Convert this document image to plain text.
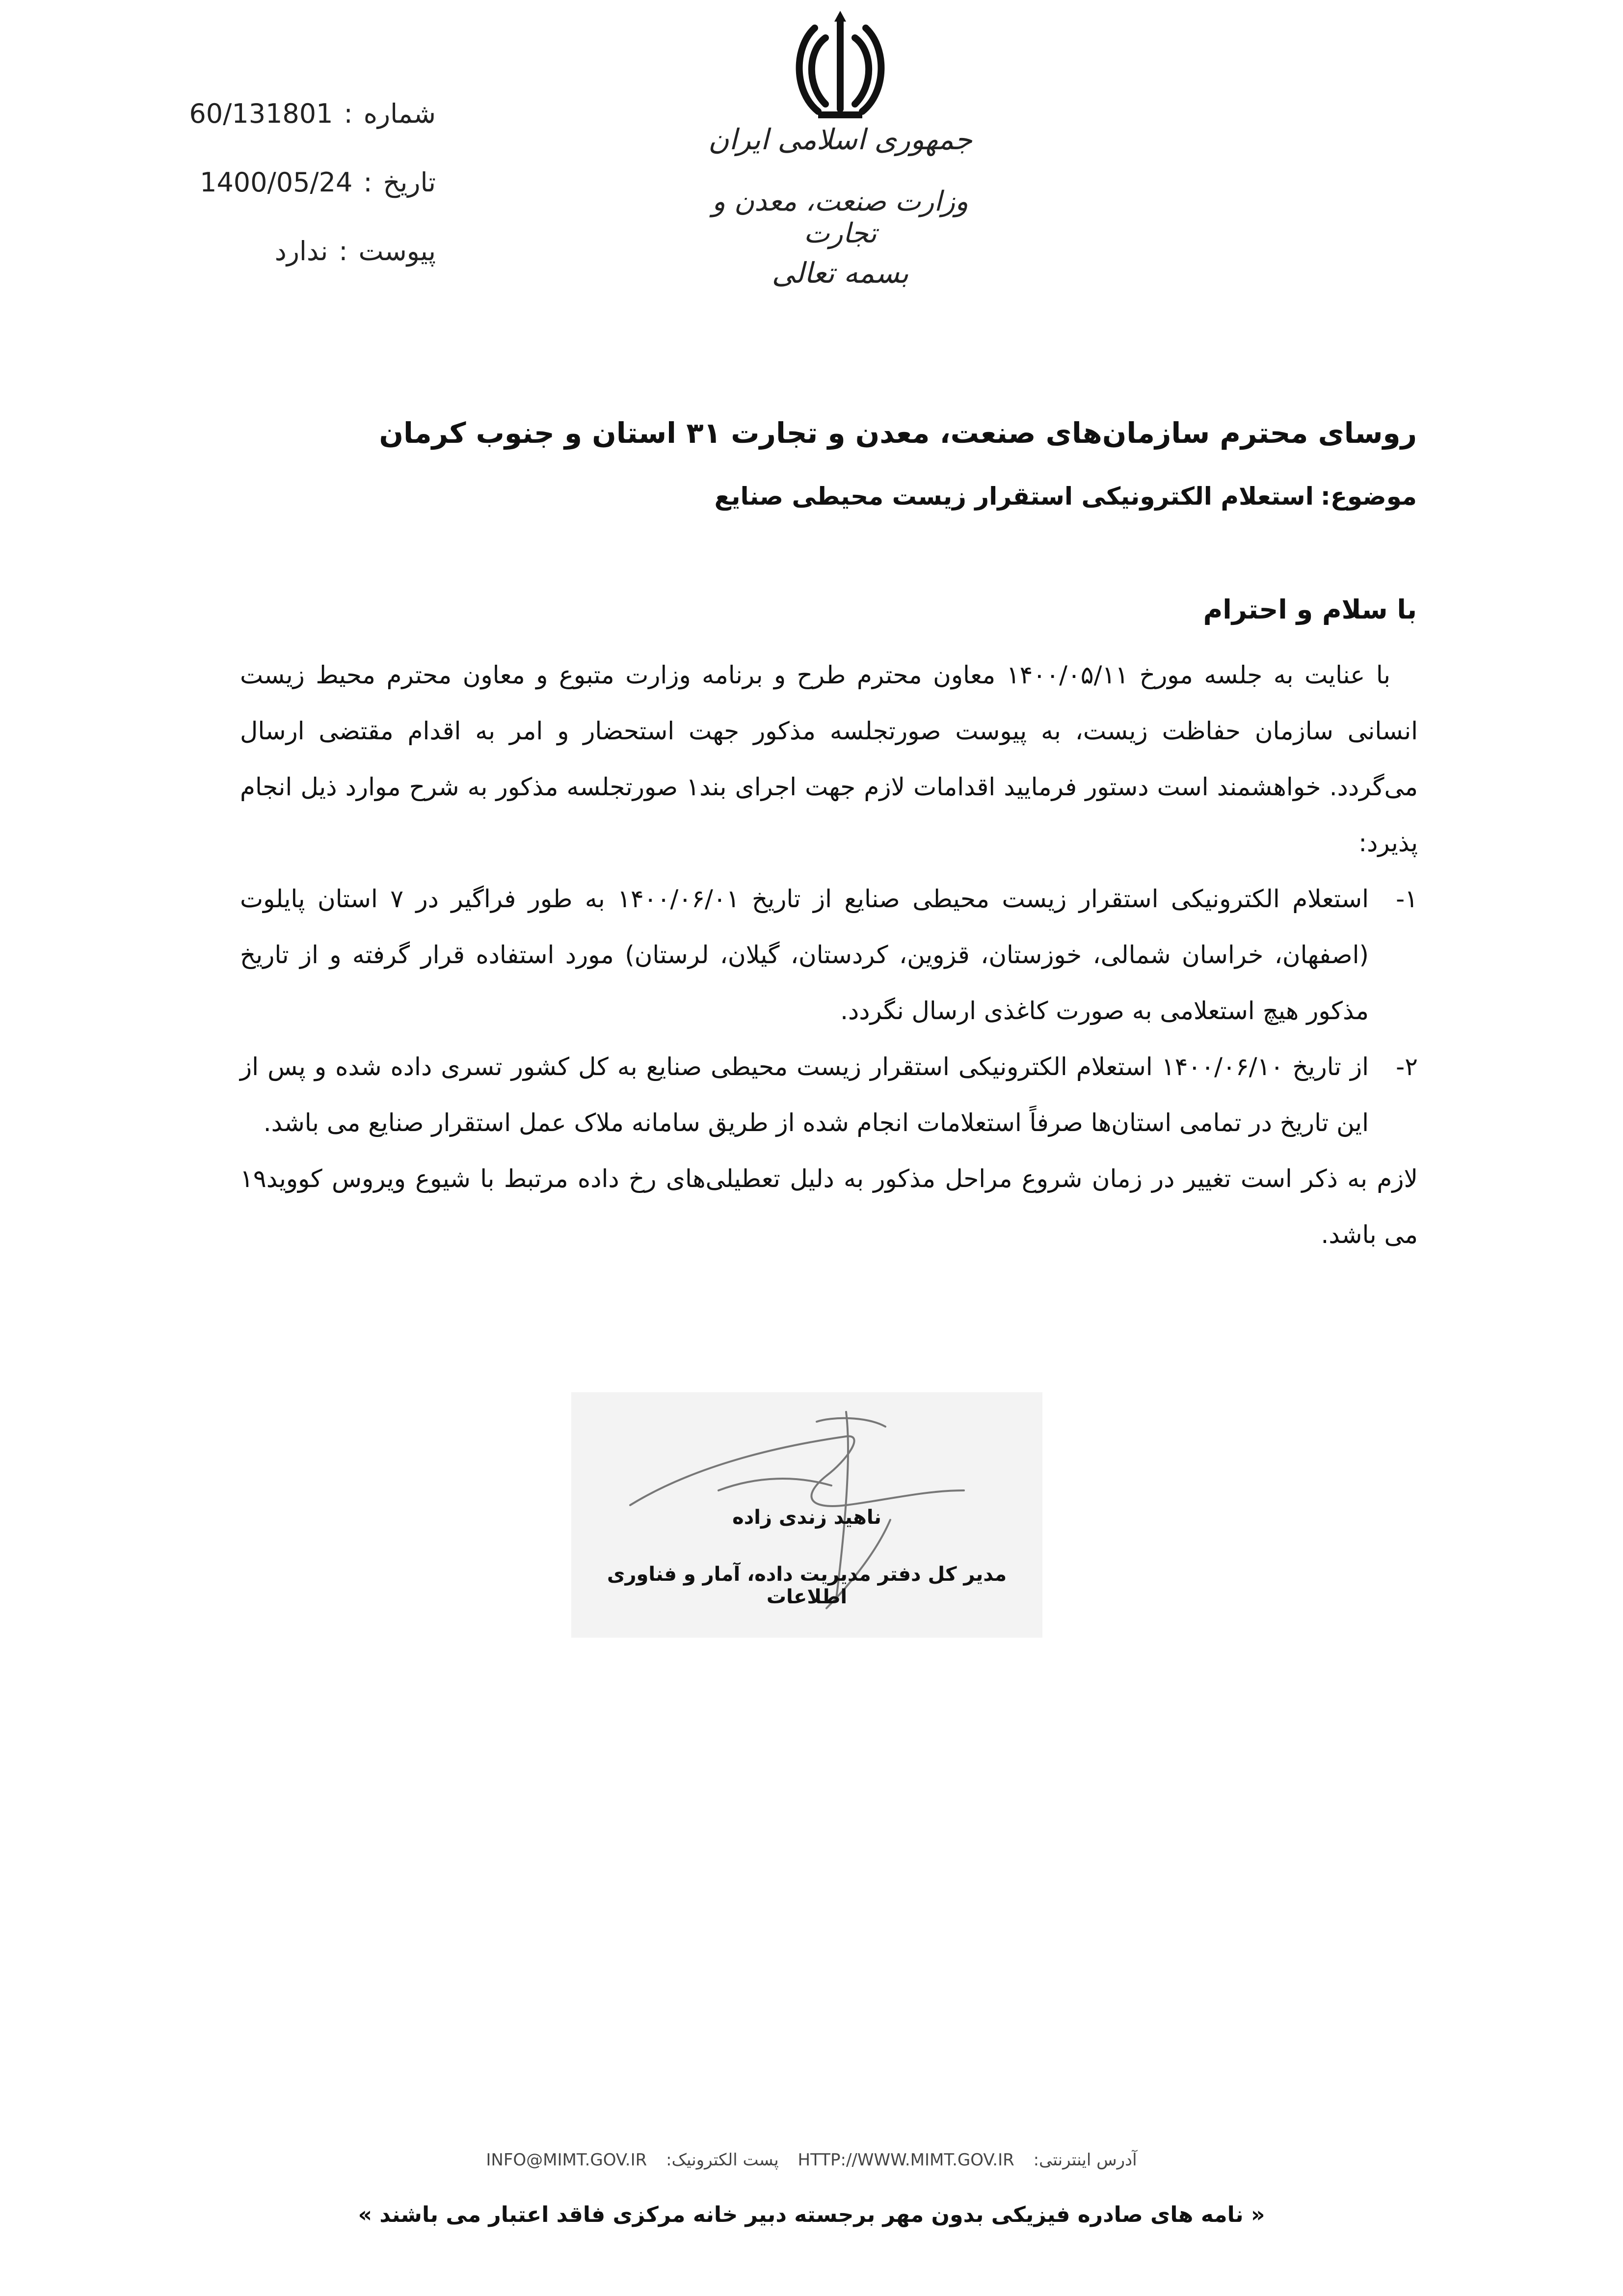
جمهوری اسلامی ایران
وزارت صنعت، معدن و تجارت
بسمه تعالی
شماره:60/131801
تاریخ:1400/05/24
پیوست:ندارد
روسای محترم سازمان‌های صنعت، معدن و تجارت ۳۱ استان و جنوب کرمان
موضوع:استعلام الکترونیکی استقرار زیست محیطی صنایع
با سلام و احترام

با عنایت به جلسه مورخ ۱۴۰۰/۰۵/۱۱ معاون محترم طرح و برنامه وزارت متبوع و معاون محترم محیط زیست انسانی سازمان حفاظت زیست، به پیوست صورتجلسه مذکور جهت استحضار و امر به اقدام مقتضی ارسال می‌گردد. خواهشمند است دستور فرمایید اقدامات لازم جهت اجرای بند۱ صورتجلسه مذکور به شرح موارد ذیل انجام پذیرد:

۱-
استعلام الکترونیکی استقرار زیست محیطی صنایع از تاریخ ۱۴۰۰/۰۶/۰۱ به طور فراگیر در ۷ استان پایلوت (اصفهان، خراسان شمالی، خوزستان، قزوین، کردستان، گیلان، لرستان) مورد استفاده قرار گرفته و از تاریخ مذکور هیچ استعلامی به صورت کاغذی ارسال نگردد.
۲-
از تاریخ ۱۴۰۰/۰۶/۱۰ استعلام الکترونیکی استقرار زیست محیطی صنایع به کل کشور تسری داده شده و پس از این تاریخ در تمامی استان‌ها صرفاً استعلامات انجام شده از طریق سامانه ملاک عمل استقرار صنایع می باشد.

لازم به ذکر است تغییر در زمان شروع مراحل مذکور به دلیل تعطیلی‌های رخ داده مرتبط با شیوع ویروس کووید۱۹ می باشد.

ناهید زندی زاده
مدیر کل دفتر مدیریت داده، آمار و فناوری اطلاعات
INFO@MIMT.GOV.IR پست الکترونیک: HTTP://WWW.MIMT.GOV.IR آدرس اینترنتی:
« نامه های صادره فیزیکی بدون مهر برجسته دبیر خانه مرکزی فاقد اعتبار می باشند »
